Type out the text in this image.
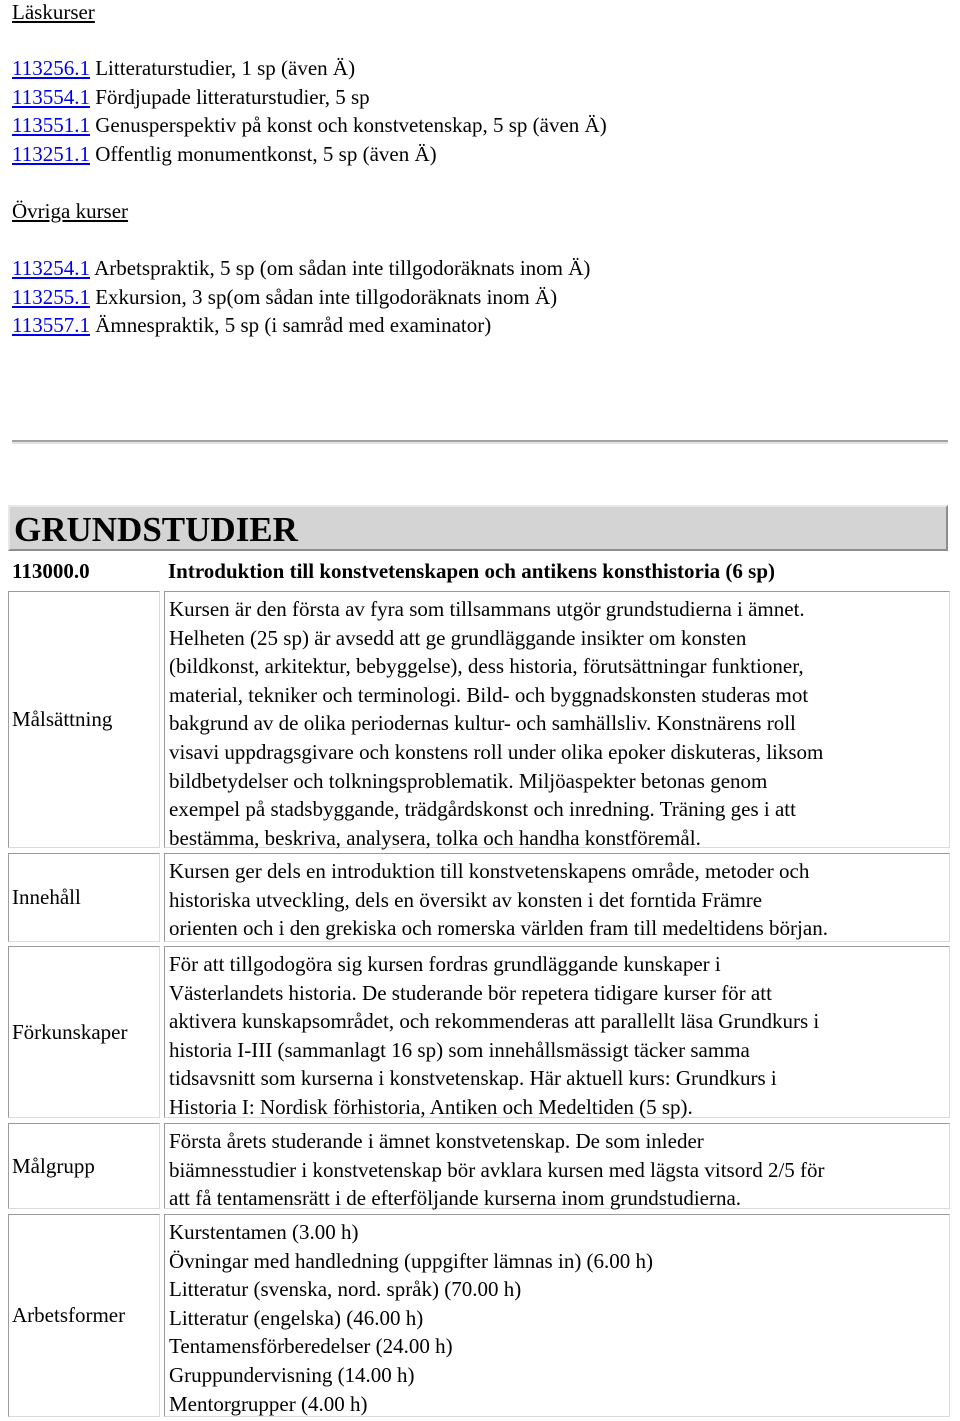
Läskurser
113256.1 Litteraturstudier, 1 sp (även Ä)
113554.1 Fördjupade litteraturstudier, 5 sp
113551.1 Genusperspektiv på konst och konstvetenskap, 5 sp (även Ä)
113251.1 Offentlig monumentkonst, 5 sp (även Ä)
Övriga kurser
113254.1 Arbetspraktik, 5 sp (om sådan inte tillgodoräknats inom Ä)
113255.1 Exkursion, 3 sp(om sådan inte tillgodoräknats inom Ä)
113557.1 Ämnespraktik, 5 sp (i samråd med examinator)
GRUNDSTUDIER
113000.0	Introduktion till konstvetenskapen och antikens konsthistoria (6 sp)
Målsättning

Kursen är den första av fyra som tillsammans utgör grundstudierna i ämnet.
Helheten (25 sp) är avsedd att ge grundläggande insikter om konsten
(bildkonst, arkitektur, bebyggelse), dess historia, förutsättningar funktioner,
material, tekniker och terminologi. Bild- och byggnadskonsten studeras mot
bakgrund av de olika periodernas kultur- och samhällsliv. Konstnärens roll
visavi uppdragsgivare och konstens roll under olika epoker diskuteras, liksom
bildbetydelser och tolkningsproblematik. Miljöaspekter betonas genom
exempel på stadsbyggande, trädgårdskonst och inredning. Träning ges i att
bestämma, beskriva, analysera, tolka och handha konstföremål.

Innehåll

Kursen ger dels en introduktion till konstvetenskapens område, metoder och
historiska utveckling, dels en översikt av konsten i det forntida Främre
orienten och i den grekiska och romerska världen fram till medeltidens början.

Förkunskaper

För att tillgodogöra sig kursen fordras grundläggande kunskaper i
Västerlandets historia. De studerande bör repetera tidigare kurser för att
aktivera kunskapsområdet, och rekommenderas att parallellt läsa Grundkurs i
historia I-III (sammanlagt 16 sp) som innehållsmässigt täcker samma
tidsavsnitt som kurserna i konstvetenskap. Här aktuell kurs: Grundkurs i
Historia I: Nordisk förhistoria, Antiken och Medeltiden (5 sp).

Målgrupp

Första årets studerande i ämnet konstvetenskap. De som inleder
biämnesstudier i konstvetenskap bör avklara kursen med lägsta vitsord 2/5 för
att få tentamensrätt i de efterföljande kurserna inom grundstudierna.

Arbetsformer

Kurstentamen (3.00 h)
Övningar med handledning (uppgifter lämnas in) (6.00 h)
Litteratur (svenska, nord. språk) (70.00 h)
Litteratur (engelska) (46.00 h)
Tentamensförberedelser (24.00 h)
Gruppundervisning (14.00 h)
Mentorgrupper (4.00 h)
